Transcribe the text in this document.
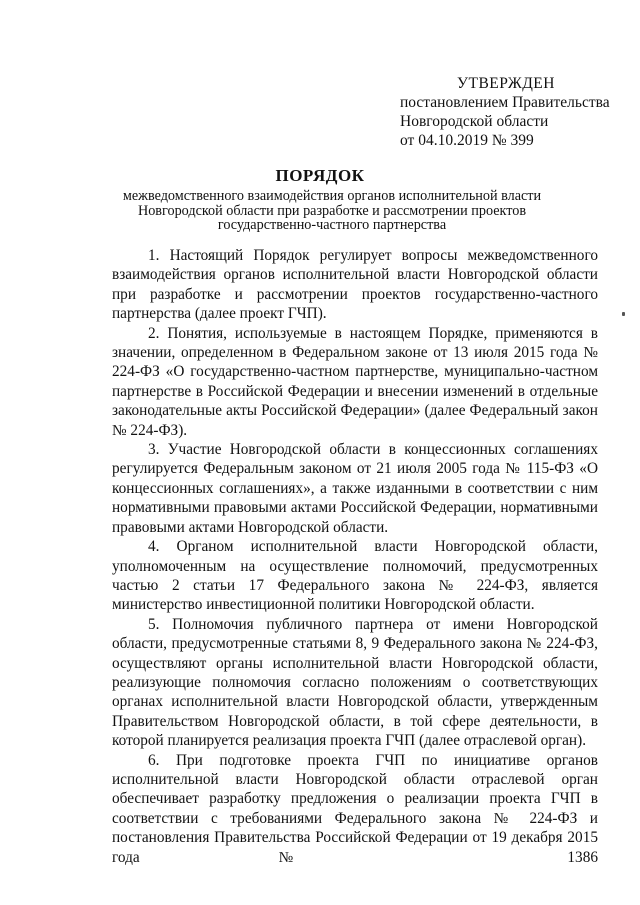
УТВЕРЖДЕН
постановлением Правительства
Новгородской области
от 04.10.2019 № 399
ПОРЯДОК
межведомственного взаимодействия органов исполнительной власти
Новгородской области при разработке и рассмотрении проектов
государственно-частного партнерства

1. Настоящий Порядок регулирует вопросы межведомственного взаимодействия органов исполнительной власти Новгородской области при разработке и рассмотрении проектов государственно-частного партнерства (далее проект ГЧП).

2. Понятия, используемые в настоящем Порядке, применяются в значении, определенном в Федеральном законе от 13 июля 2015 года № 224-ФЗ «О государственно-частном партнерстве, муниципально-частном партнерстве в Российской Федерации и внесении изменений в отдельные законодательные акты Российской Федерации» (далее Федеральный закон № 224-ФЗ).

3. Участие Новгородской области в концессионных соглашениях регулируется Федеральным законом от 21 июля 2005 года № 115-ФЗ «О концессионных соглашениях», а также изданными в соответствии с ним нормативными правовыми актами Российской Федерации, нормативными правовыми актами Новгородской области.

4. Органом исполнительной власти Новгородской области, уполномоченным на осуществление полномочий, предусмотренных частью 2 статьи 17 Федерального закона № 224-ФЗ, является министерство инвестиционной политики Новгородской области.

5. Полномочия публичного партнера от имени Новгородской области, предусмотренные статьями 8, 9 Федерального закона № 224-ФЗ, осуществляют органы исполнительной власти Новгородской области, реализующие полномочия согласно положениям о соответствующих органах исполнительной власти Новгородской области, утвержденным Правительством Новгородской области, в той сфере деятельности, в которой планируется реализация проекта ГЧП (далее отраслевой орган).

6. При подготовке проекта ГЧП по инициативе органов исполнительной власти Новгородской области отраслевой орган обеспечивает разработку предложения о реализации проекта ГЧП в соответствии с требованиями Федерального закона № 224-ФЗ и постановления Правительства Российской Федерации от 19 декабря 2015 года № 1386
